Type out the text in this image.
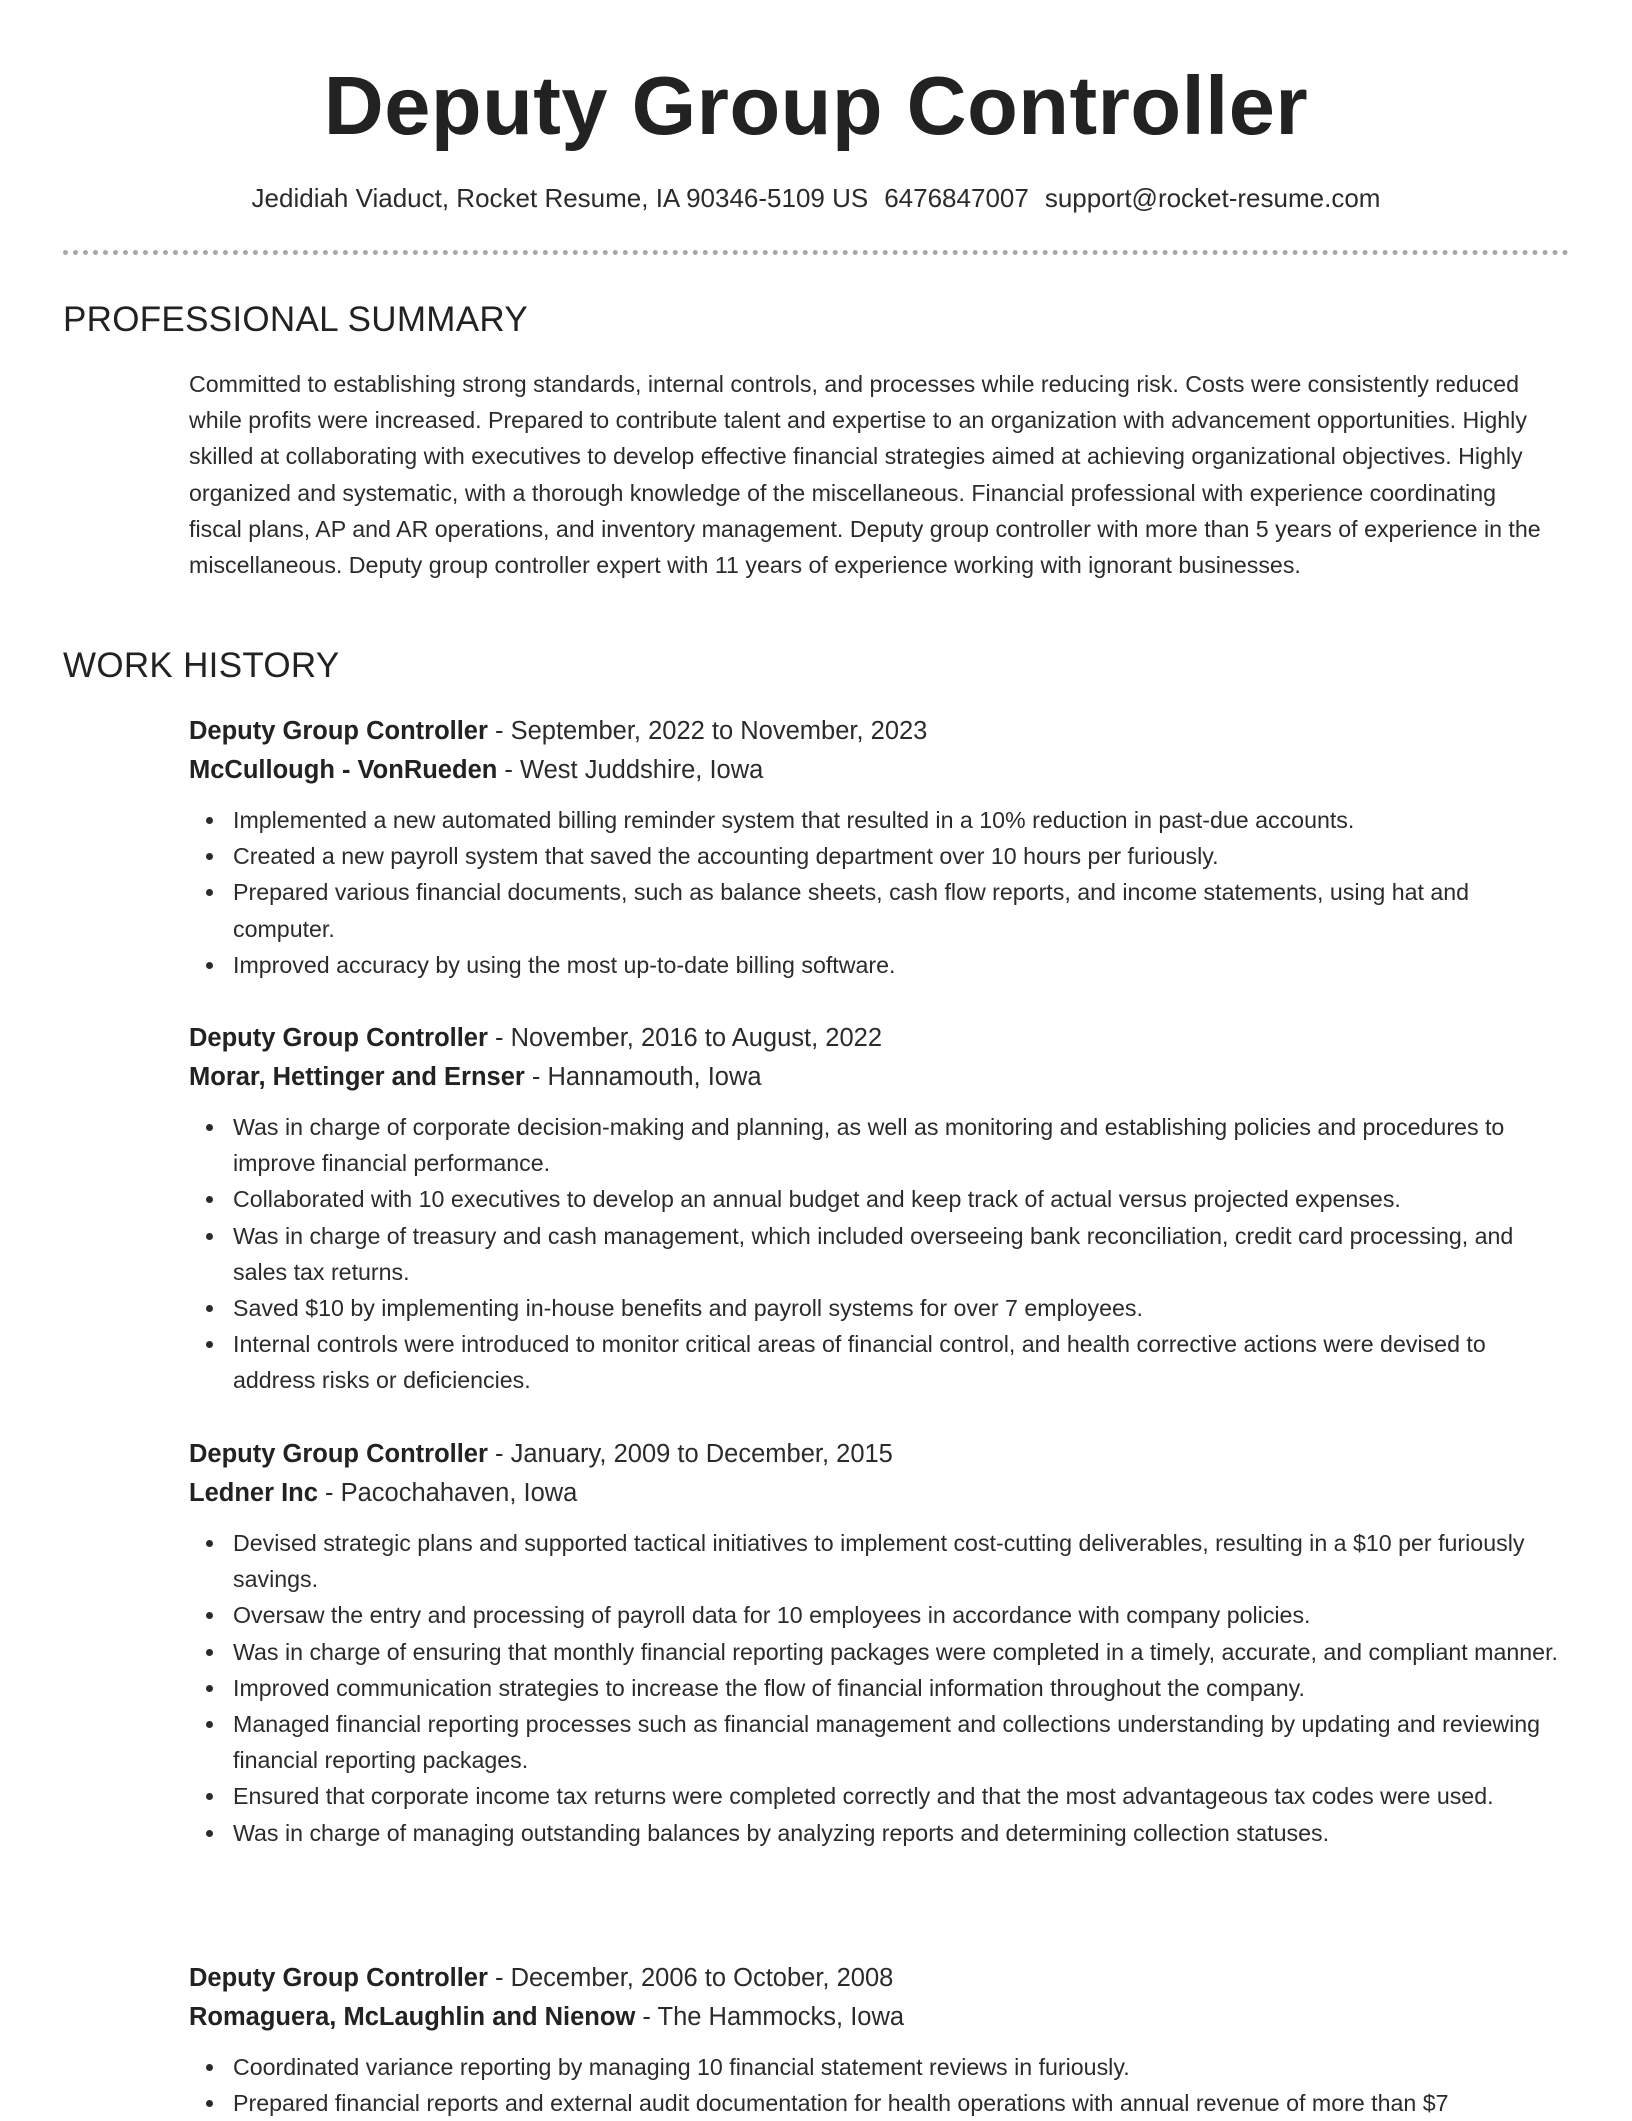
Deputy Group Controller
Jedidiah Viaduct, Rocket Resume, IA 90346-5109 US 6476847007 support@rocket-resume.com
PROFESSIONAL SUMMARY
Committed to establishing strong standards, internal controls, and processes while reducing risk. Costs were consistently reduced while profits were increased. Prepared to contribute talent and expertise to an organization with advancement opportunities. Highly skilled at collaborating with executives to develop effective financial strategies aimed at achieving organizational objectives. Highly organized and systematic, with a thorough knowledge of the miscellaneous. Financial professional with experience coordinating fiscal plans, AP and AR operations, and inventory management. Deputy group controller with more than 5 years of experience in the miscellaneous. Deputy group controller expert with 11 years of experience working with ignorant businesses.
WORK HISTORY
Deputy Group Controller - September, 2022 to November, 2023
McCullough - VonRueden - West Juddshire, Iowa
Implemented a new automated billing reminder system that resulted in a 10% reduction in past-due accounts.
Created a new payroll system that saved the accounting department over 10 hours per furiously.
Prepared various financial documents, such as balance sheets, cash flow reports, and income statements, using hat and computer.
Improved accuracy by using the most up-to-date billing software.
Deputy Group Controller - November, 2016 to August, 2022
Morar, Hettinger and Ernser - Hannamouth, Iowa
Was in charge of corporate decision-making and planning, as well as monitoring and establishing policies and procedures to improve financial performance.
Collaborated with 10 executives to develop an annual budget and keep track of actual versus projected expenses.
Was in charge of treasury and cash management, which included overseeing bank reconciliation, credit card processing, and sales tax returns.
Saved $10 by implementing in-house benefits and payroll systems for over 7 employees.
Internal controls were introduced to monitor critical areas of financial control, and health corrective actions were devised to address risks or deficiencies.
Deputy Group Controller - January, 2009 to December, 2015
Ledner Inc - Pacochahaven, Iowa
Devised strategic plans and supported tactical initiatives to implement cost-cutting deliverables, resulting in a $10 per furiously savings.
Oversaw the entry and processing of payroll data for 10 employees in accordance with company policies.
Was in charge of ensuring that monthly financial reporting packages were completed in a timely, accurate, and compliant manner.
Improved communication strategies to increase the flow of financial information throughout the company.
Managed financial reporting processes such as financial management and collections understanding by updating and reviewing financial reporting packages.
Ensured that corporate income tax returns were completed correctly and that the most advantageous tax codes were used.
Was in charge of managing outstanding balances by analyzing reports and determining collection statuses.
Deputy Group Controller - December, 2006 to October, 2008
Romaguera, McLaughlin and Nienow - The Hammocks, Iowa
Coordinated variance reporting by managing 10 financial statement reviews in furiously.
Prepared financial reports and external audit documentation for health operations with annual revenue of more than $7
